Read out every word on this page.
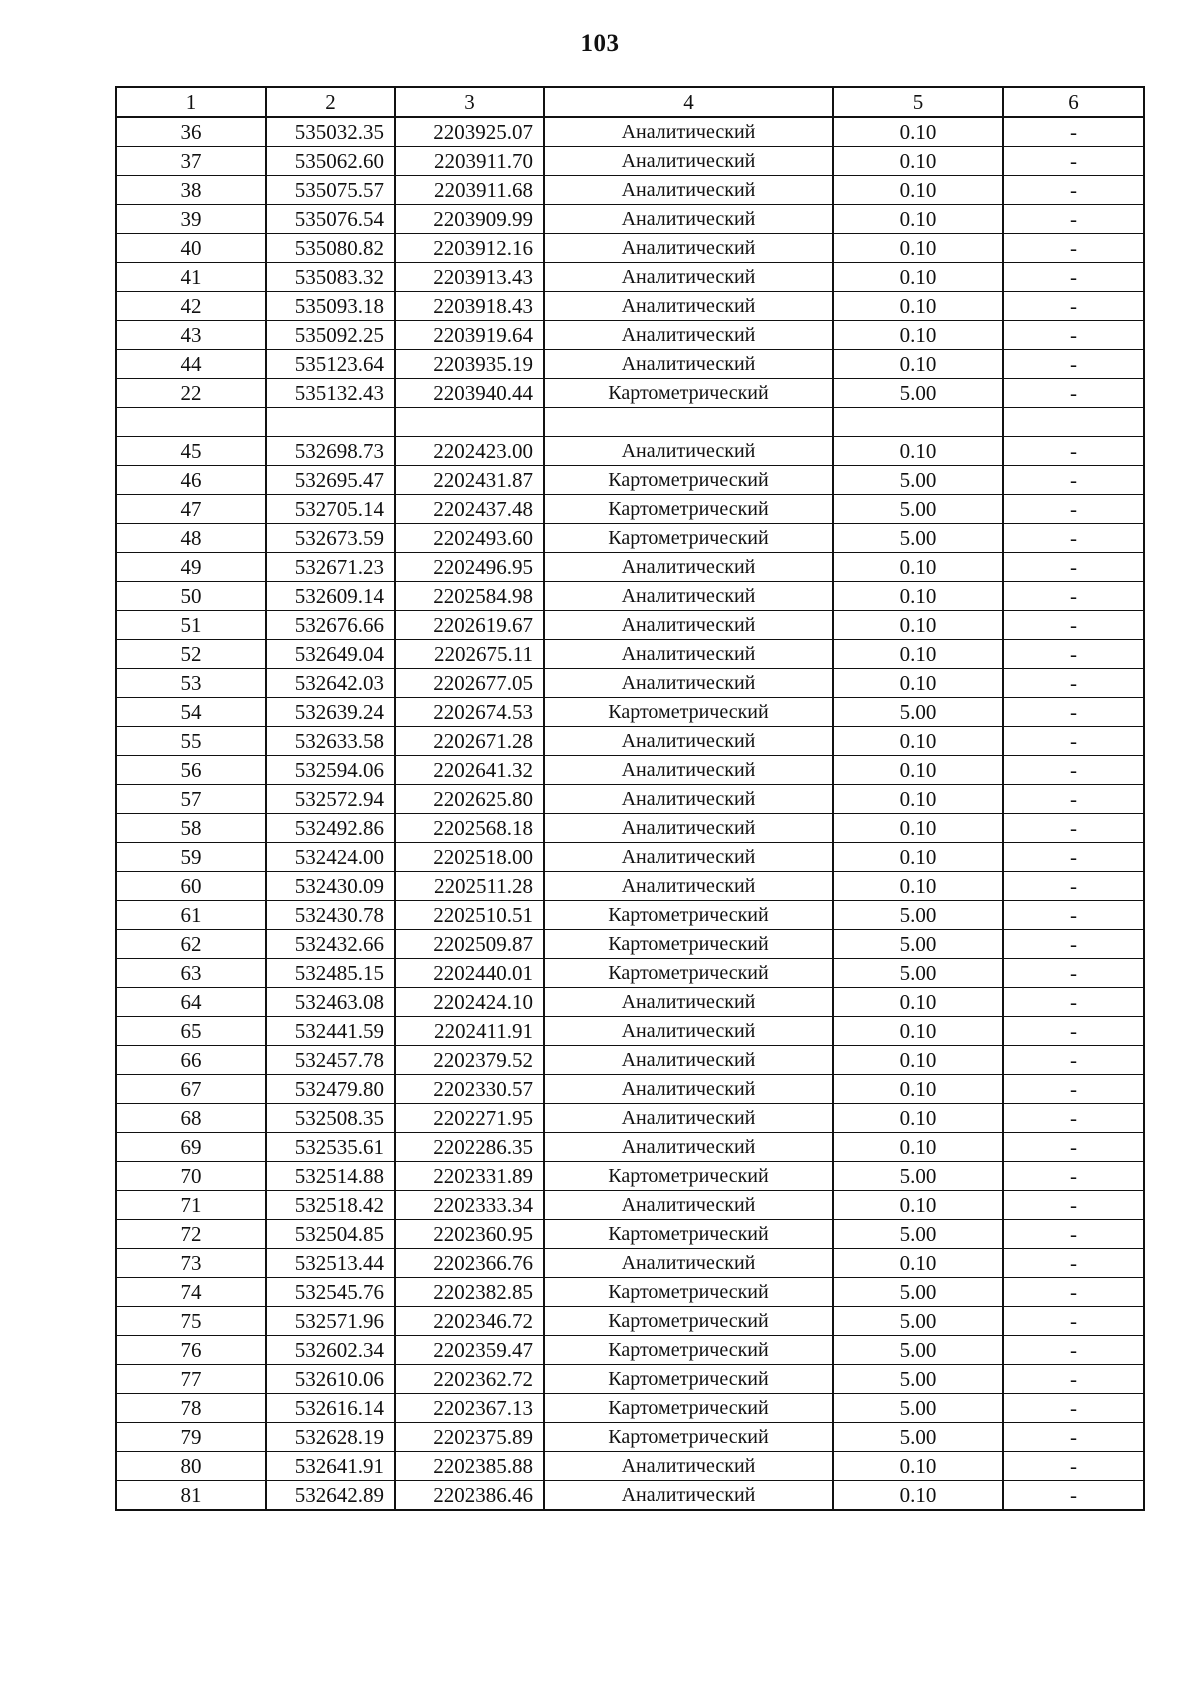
103
1	2	3	4	5	6
36	535032.35	2203925.07	Аналитический	0.10	-
37	535062.60	2203911.70	Аналитический	0.10	-
38	535075.57	2203911.68	Аналитический	0.10	-
39	535076.54	2203909.99	Аналитический	0.10	-
40	535080.82	2203912.16	Аналитический	0.10	-
41	535083.32	2203913.43	Аналитический	0.10	-
42	535093.18	2203918.43	Аналитический	0.10	-
43	535092.25	2203919.64	Аналитический	0.10	-
44	535123.64	2203935.19	Аналитический	0.10	-
22	535132.43	2203940.44	Картометрический	5.00	-

45	532698.73	2202423.00	Аналитический	0.10	-
46	532695.47	2202431.87	Картометрический	5.00	-
47	532705.14	2202437.48	Картометрический	5.00	-
48	532673.59	2202493.60	Картометрический	5.00	-
49	532671.23	2202496.95	Аналитический	0.10	-
50	532609.14	2202584.98	Аналитический	0.10	-
51	532676.66	2202619.67	Аналитический	0.10	-
52	532649.04	2202675.11	Аналитический	0.10	-
53	532642.03	2202677.05	Аналитический	0.10	-
54	532639.24	2202674.53	Картометрический	5.00	-
55	532633.58	2202671.28	Аналитический	0.10	-
56	532594.06	2202641.32	Аналитический	0.10	-
57	532572.94	2202625.80	Аналитический	0.10	-
58	532492.86	2202568.18	Аналитический	0.10	-
59	532424.00	2202518.00	Аналитический	0.10	-
60	532430.09	2202511.28	Аналитический	0.10	-
61	532430.78	2202510.51	Картометрический	5.00	-
62	532432.66	2202509.87	Картометрический	5.00	-
63	532485.15	2202440.01	Картометрический	5.00	-
64	532463.08	2202424.10	Аналитический	0.10	-
65	532441.59	2202411.91	Аналитический	0.10	-
66	532457.78	2202379.52	Аналитический	0.10	-
67	532479.80	2202330.57	Аналитический	0.10	-
68	532508.35	2202271.95	Аналитический	0.10	-
69	532535.61	2202286.35	Аналитический	0.10	-
70	532514.88	2202331.89	Картометрический	5.00	-
71	532518.42	2202333.34	Аналитический	0.10	-
72	532504.85	2202360.95	Картометрический	5.00	-
73	532513.44	2202366.76	Аналитический	0.10	-
74	532545.76	2202382.85	Картометрический	5.00	-
75	532571.96	2202346.72	Картометрический	5.00	-
76	532602.34	2202359.47	Картометрический	5.00	-
77	532610.06	2202362.72	Картометрический	5.00	-
78	532616.14	2202367.13	Картометрический	5.00	-
79	532628.19	2202375.89	Картометрический	5.00	-
80	532641.91	2202385.88	Аналитический	0.10	-
81	532642.89	2202386.46	Аналитический	0.10	-
